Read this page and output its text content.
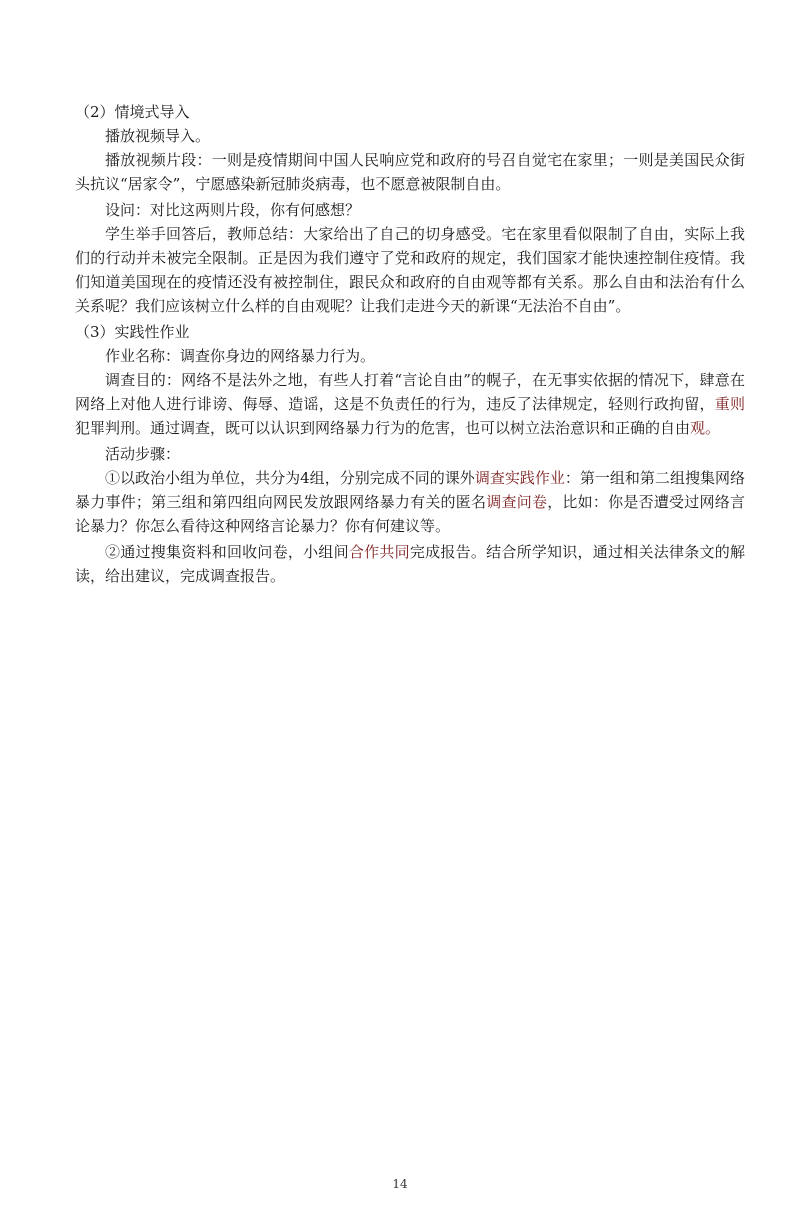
（2）情境式导入

播放视频导入。

播放视频片段：一则是疫情期间中国人民响应党和政府的号召自觉宅在家里；一则是美国民众街头抗议“居家令”，宁愿感染新冠肺炎病毒，也不愿意被限制自由。

设问：对比这两则片段，你有何感想？

学生举手回答后，教师总结：大家给出了自己的切身感受。宅在家里看似限制了自由，实际上我们的行动并未被完全限制。正是因为我们遵守了党和政府的规定，我们国家才能快速控制住疫情。我们知道美国现在的疫情还没有被控制住，跟民众和政府的自由观等都有关系。那么自由和法治有什么关系呢？我们应该树立什么样的自由观呢？让我们走进今天的新课“无法治不自由”。

（3）实践性作业

作业名称：调查你身边的网络暴力行为。

调查目的：网络不是法外之地，有些人打着“言论自由”的幌子，在无事实依据的情况下，肆意在网络上对他人进行诽谤、侮辱、造谣，这是不负责任的行为，违反了法律规定，轻则行政拘留，重则犯罪判刑。通过调查，既可以认识到网络暴力行为的危害，也可以树立法治意识和正确的自由观。

活动步骤：

①以政治小组为单位，共分为4组，分别完成不同的课外调查实践作业：第一组和第二组搜集网络暴力事件；第三组和第四组向网民发放跟网络暴力有关的匿名调查问卷，比如：你是否遭受过网络言论暴力？你怎么看待这种网络言论暴力？你有何建议等。

②通过搜集资料和回收问卷，小组间合作共同完成报告。结合所学知识，通过相关法律条文的解读，给出建议，完成调查报告。

14
